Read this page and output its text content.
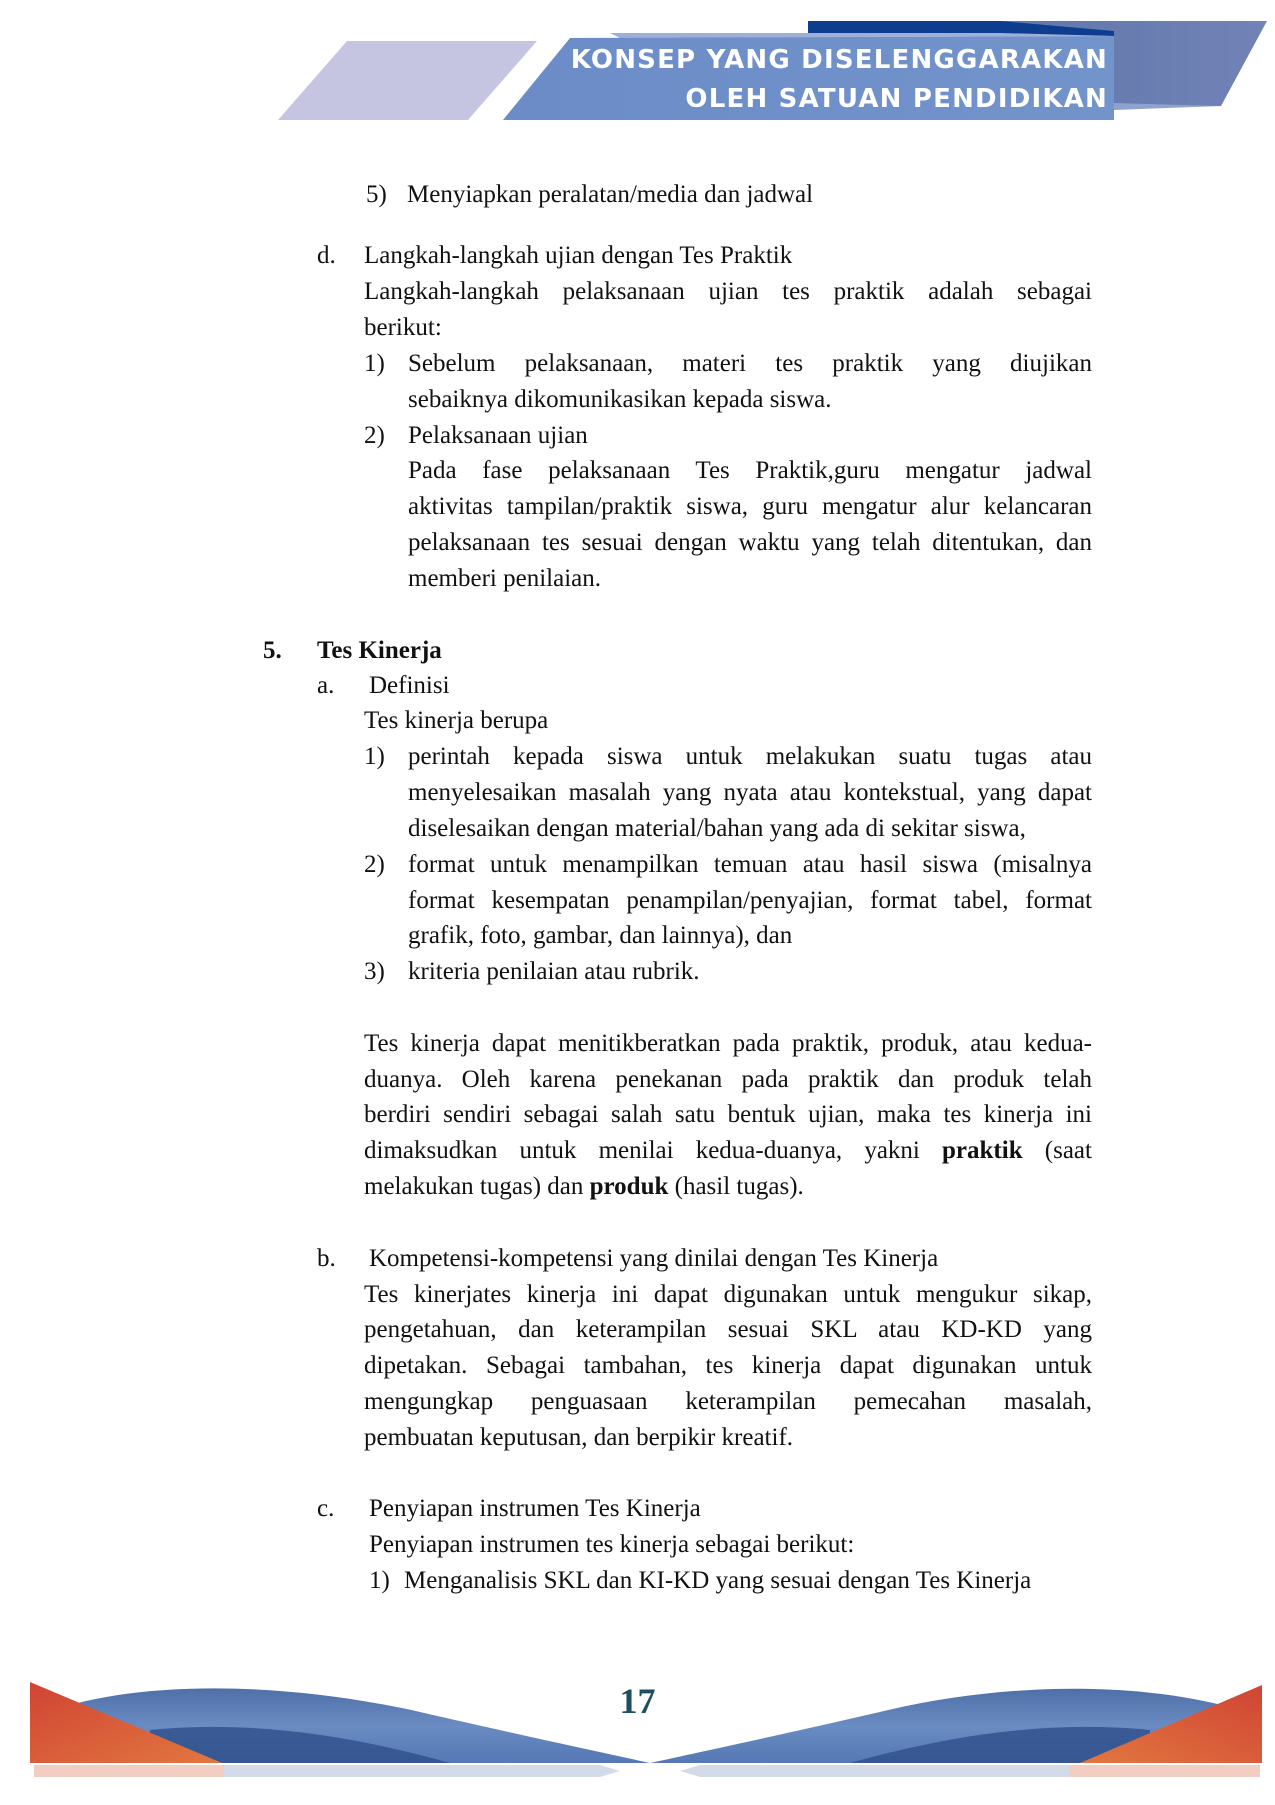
KONSEP YANG DISELENGGARAKAN
OLEH SATUAN PENDIDIKAN
5) Menyiapkan peralatan/media dan jadwal
d. Langkah-langkah ujian dengan Tes Praktik
Langkah-langkah pelaksanaan ujian tes praktik adalah sebagai
berikut:
1) Sebelum pelaksanaan, materi tes praktik yang diujikan
sebaiknya dikomunikasikan kepada siswa.
2) Pelaksanaan ujian
Pada fase pelaksanaan Tes Praktik,guru mengatur jadwal
aktivitas tampilan/praktik siswa, guru mengatur alur kelancaran
pelaksanaan tes sesuai dengan waktu yang telah ditentukan, dan
memberi penilaian.
5. Tes Kinerja
a. Definisi
Tes kinerja berupa
1) perintah kepada siswa untuk melakukan suatu tugas atau
menyelesaikan masalah yang nyata atau kontekstual, yang dapat
diselesaikan dengan material/bahan yang ada di sekitar siswa,
2) format untuk menampilkan temuan atau hasil siswa (misalnya
format kesempatan penampilan/penyajian, format tabel, format
grafik, foto, gambar, dan lainnya), dan
3) kriteria penilaian atau rubrik.
Tes kinerja dapat menitikberatkan pada praktik, produk, atau kedua-
duanya. Oleh karena penekanan pada praktik dan produk telah
berdiri sendiri sebagai salah satu bentuk ujian, maka tes kinerja ini
dimaksudkan untuk menilai kedua-duanya, yakni praktik (saat
melakukan tugas) dan produk (hasil tugas).
b. Kompetensi-kompetensi yang dinilai dengan Tes Kinerja
Tes kinerjates kinerja ini dapat digunakan untuk mengukur sikap,
pengetahuan, dan keterampilan sesuai SKL atau KD-KD yang
dipetakan. Sebagai tambahan, tes kinerja dapat digunakan untuk
mengungkap penguasaan keterampilan pemecahan masalah,
pembuatan keputusan, dan berpikir kreatif.
c. Penyiapan instrumen Tes Kinerja
Penyiapan instrumen tes kinerja sebagai berikut:
1) Menganalisis SKL dan KI-KD yang sesuai dengan Tes Kinerja
17
